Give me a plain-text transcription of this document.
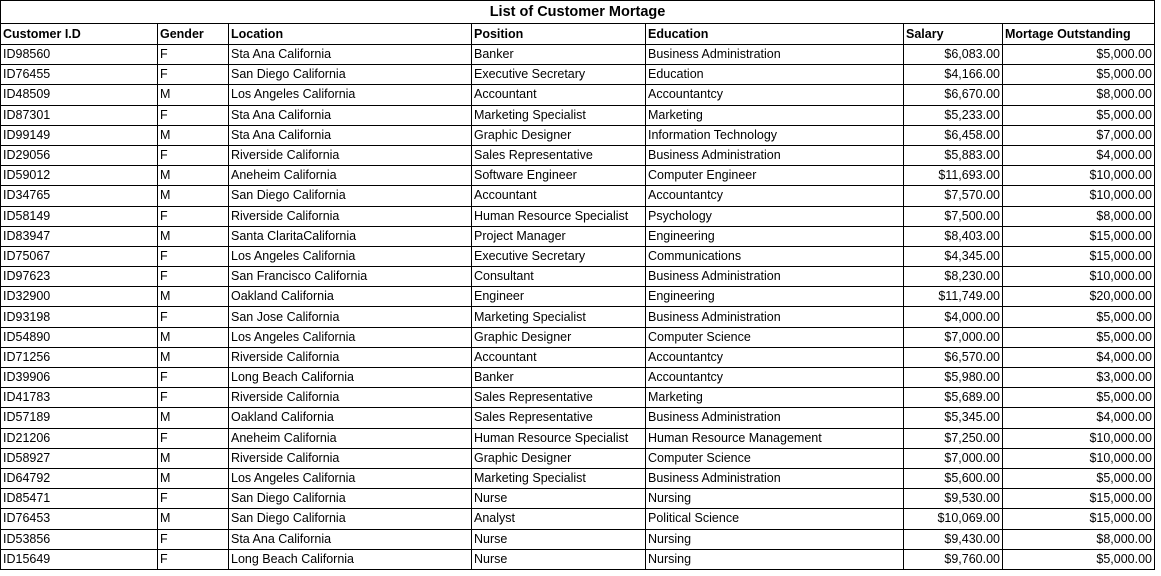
List of Customer Mortage
Customer I.D	Gender	Location	Position	Education	Salary	Mortage Outstanding
ID98560	F	Sta Ana California	Banker	Business Administration	$6,083.00	$5,000.00
ID76455	F	San Diego California	Executive Secretary	Education	$4,166.00	$5,000.00
ID48509	M	Los Angeles California	Accountant	Accountantcy	$6,670.00	$8,000.00
ID87301	F	Sta Ana California	Marketing Specialist	Marketing	$5,233.00	$5,000.00
ID99149	M	Sta Ana California	Graphic Designer	Information Technology	$6,458.00	$7,000.00
ID29056	F	Riverside California	Sales Representative	Business Administration	$5,883.00	$4,000.00
ID59012	M	Aneheim California	Software Engineer	Computer Engineer	$11,693.00	$10,000.00
ID34765	M	San Diego California	Accountant	Accountantcy	$7,570.00	$10,000.00
ID58149	F	Riverside California	Human Resource Specialist	Psychology	$7,500.00	$8,000.00
ID83947	M	Santa ClaritaCalifornia	Project Manager	Engineering	$8,403.00	$15,000.00
ID75067	F	Los Angeles California	Executive Secretary	Communications	$4,345.00	$15,000.00
ID97623	F	San Francisco California	Consultant	Business Administration	$8,230.00	$10,000.00
ID32900	M	Oakland California	Engineer	Engineering	$11,749.00	$20,000.00
ID93198	F	San Jose California	Marketing Specialist	Business Administration	$4,000.00	$5,000.00
ID54890	M	Los Angeles California	Graphic Designer	Computer Science	$7,000.00	$5,000.00
ID71256	M	Riverside California	Accountant	Accountantcy	$6,570.00	$4,000.00
ID39906	F	Long Beach California	Banker	Accountantcy	$5,980.00	$3,000.00
ID41783	F	Riverside California	Sales Representative	Marketing	$5,689.00	$5,000.00
ID57189	M	Oakland California	Sales Representative	Business Administration	$5,345.00	$4,000.00
ID21206	F	Aneheim California	Human Resource Specialist	Human Resource Management	$7,250.00	$10,000.00
ID58927	M	Riverside California	Graphic Designer	Computer Science	$7,000.00	$10,000.00
ID64792	M	Los Angeles California	Marketing Specialist	Business Administration	$5,600.00	$5,000.00
ID85471	F	San Diego California	Nurse	Nursing	$9,530.00	$15,000.00
ID76453	M	San Diego California	Analyst	Political Science	$10,069.00	$15,000.00
ID53856	F	Sta Ana California	Nurse	Nursing	$9,430.00	$8,000.00
ID15649	F	Long Beach California	Nurse	Nursing	$9,760.00	$5,000.00
